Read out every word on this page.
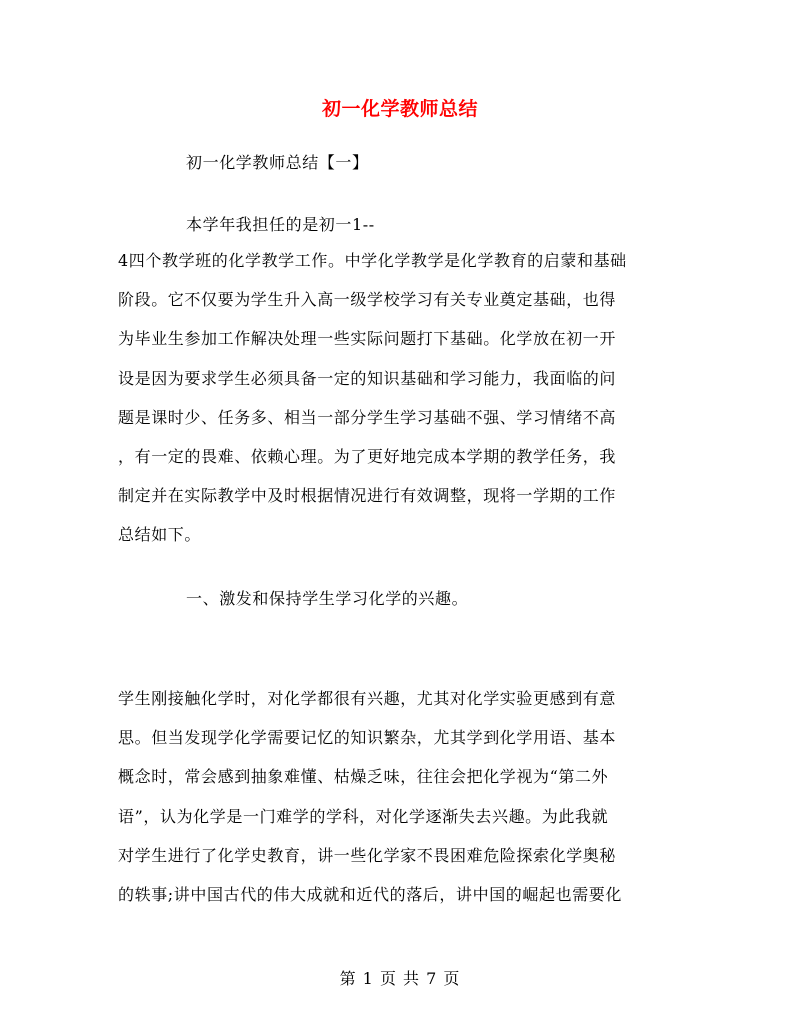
初一化学教师总结
初一化学教师总结【一】
本学年我担任的是初一1--
4四个教学班的化学教学工作。中学化学教学是化学教育的启蒙和基础
阶段。它不仅要为学生升入高一级学校学习有关专业奠定基础，也得
为毕业生参加工作解决处理一些实际问题打下基础。化学放在初一开
设是因为要求学生必须具备一定的知识基础和学习能力，我面临的问
题是课时少、任务多、相当一部分学生学习基础不强、学习情绪不高
，有一定的畏难、依赖心理。为了更好地完成本学期的教学任务，我
制定并在实际教学中及时根据情况进行有效调整，现将一学期的工作
总结如下。
一、激发和保持学生学习化学的兴趣。
学生刚接触化学时，对化学都很有兴趣，尤其对化学实验更感到有意
思。但当发现学化学需要记忆的知识繁杂，尤其学到化学用语、基本
概念时，常会感到抽象难懂、枯燥乏味，往往会把化学视为“第二外
语”，认为化学是一门难学的学科，对化学逐渐失去兴趣。为此我就
对学生进行了化学史教育，讲一些化学家不畏困难危险探索化学奥秘
的轶事;讲中国古代的伟大成就和近代的落后，讲中国的崛起也需要化
第 1 页 共 7 页
